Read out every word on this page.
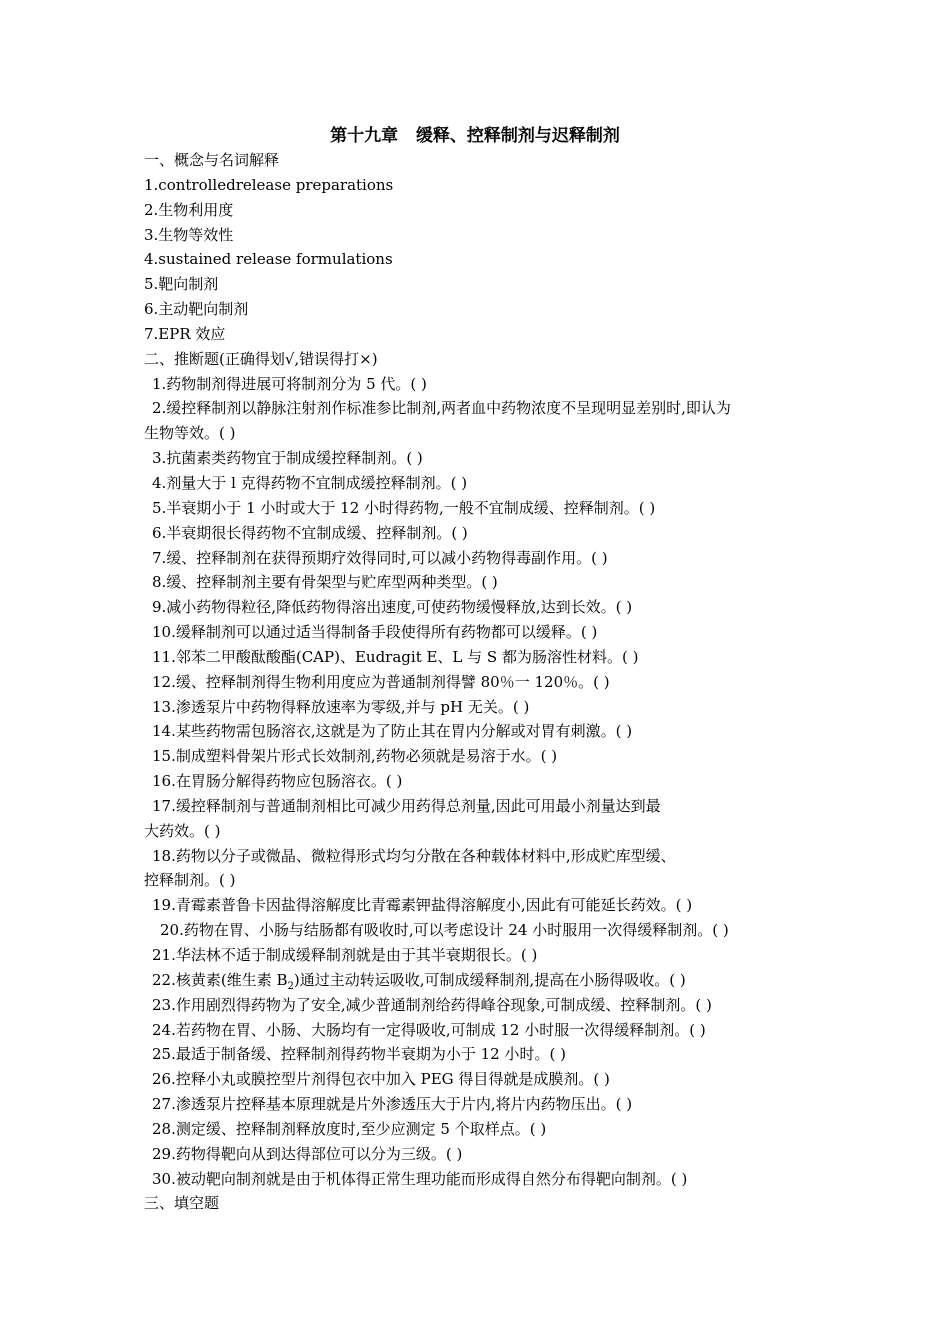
第十九章   缓释、控释制剂与迟释制剂
一、概念与名词解释
1.controlledrelease preparations
2.生物利用度
3.生物等效性
4.sustained release formulations
5.靶向制剂
6.主动靶向制剂
7.EPR 效应
二、推断题(正确得划√,错误得打×)
1.药物制剂得进展可将制剂分为 5 代。( )
2.缓控释制剂以静脉注射剂作标准参比制剂,两者血中药物浓度不呈现明显差别时,即认为
生物等效。( )
3.抗菌素类药物宜于制成缓控释制剂。( )
4.剂量大于 l 克得药物不宜制成缓控释制剂。( )
5.半衰期小于 1 小时或大于 12 小时得药物,一般不宜制成缓、控释制剂。( )
6.半衰期很长得药物不宜制成缓、控释制剂。( )
7.缓、控释制剂在获得预期疗效得同时,可以减小药物得毒副作用。( )
8.缓、控释制剂主要有骨架型与贮库型两种类型。( )
9.减小药物得粒径,降低药物得溶出速度,可使药物缓慢释放,达到长效。( )
10.缓释制剂可以通过适当得制备手段使得所有药物都可以缓释。( )
11.邻苯二甲酸酞酸酯(CAP)、Eudragit E、L 与 S 都为肠溶性材料。( )
12.缓、控释制剂得生物利用度应为普通制剂得譬 80％一 120％。( )
13.渗透泵片中药物得释放速率为零级,并与 pH 无关。( )
14.某些药物需包肠溶衣,这就是为了防止其在胃内分解或对胃有刺激。( )
15.制成塑料骨架片形式长效制剂,药物必须就是易溶于水。( )
16.在胃肠分解得药物应包肠溶衣。( )
17.缓控释制剂与普通制剂相比可减少用药得总剂量,因此可用最小剂量达到最
大药效。( )
18.药物以分子或微晶、微粒得形式均匀分散在各种载体材料中,形成贮库型缓、
控释制剂。( )
19.青霉素普鲁卡因盐得溶解度比青霉素钾盐得溶解度小,因此有可能延长药效。( )
20.药物在胃、小肠与结肠都有吸收时,可以考虑设计 24 小时服用一次得缓释制剂。( )
21.华法林不适于制成缓释制剂就是由于其半衰期很长。( )
22.核黄素(维生素 $B_2$)通过主动转运吸收,可制成缓释制剂,提高在小肠得吸收。( )
23.作用剧烈得药物为了安全,减少普通制剂给药得峰谷现象,可制成缓、控释制剂。( )
24.若药物在胃、小肠、大肠均有一定得吸收,可制成 12 小时服一次得缓释制剂。( )
25.最适于制备缓、控释制剂得药物半衰期为小于 12 小时。( )
26.控释小丸或膜控型片剂得包衣中加入 PEG 得目得就是成膜剂。( )
27.渗透泵片控释基本原理就是片外渗透压大于片内,将片内药物压出。( )
28.测定缓、控释制剂释放度时,至少应测定 5 个取样点。( )
29.药物得靶向从到达得部位可以分为三级。( )
30.被动靶向制剂就是由于机体得正常生理功能而形成得自然分布得靶向制剂。( )
三、填空题
